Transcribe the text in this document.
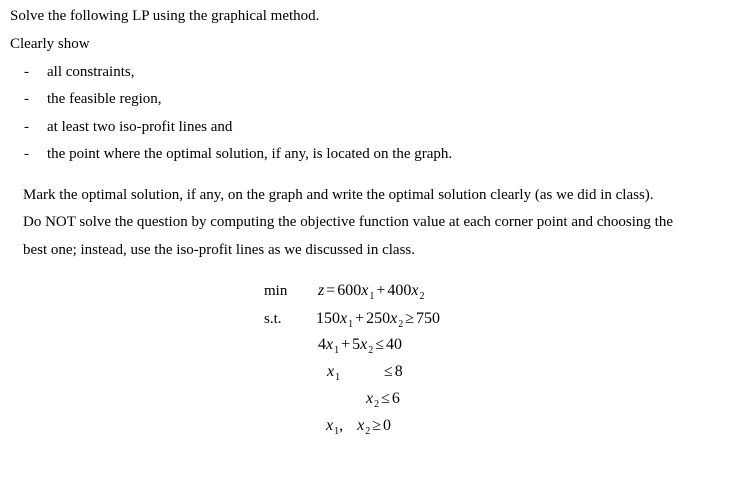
Solve the following LP using the graphical method.
Clearly show
- all constraints,
- the feasible region,
- at least two iso-profit lines and
- the point where the optimal solution, if any, is located on the graph.
Mark the optimal solution, if any, on the graph and write the optimal solution clearly (as we did in class).
Do NOT solve the question by computing the objective function value at each corner point and choosing the
best one; instead, use the iso-profit lines as we discussed in class.
min
s.t.
$z = 600x_1 + 400x_2$
$150x_1 + 250x_2 \ge 750$
$4x_1 + 5x_2 \le 40$
$x_1$	≤ 8
$x_2 \le 6$
$x_1$, $x_2 \ge 0$
